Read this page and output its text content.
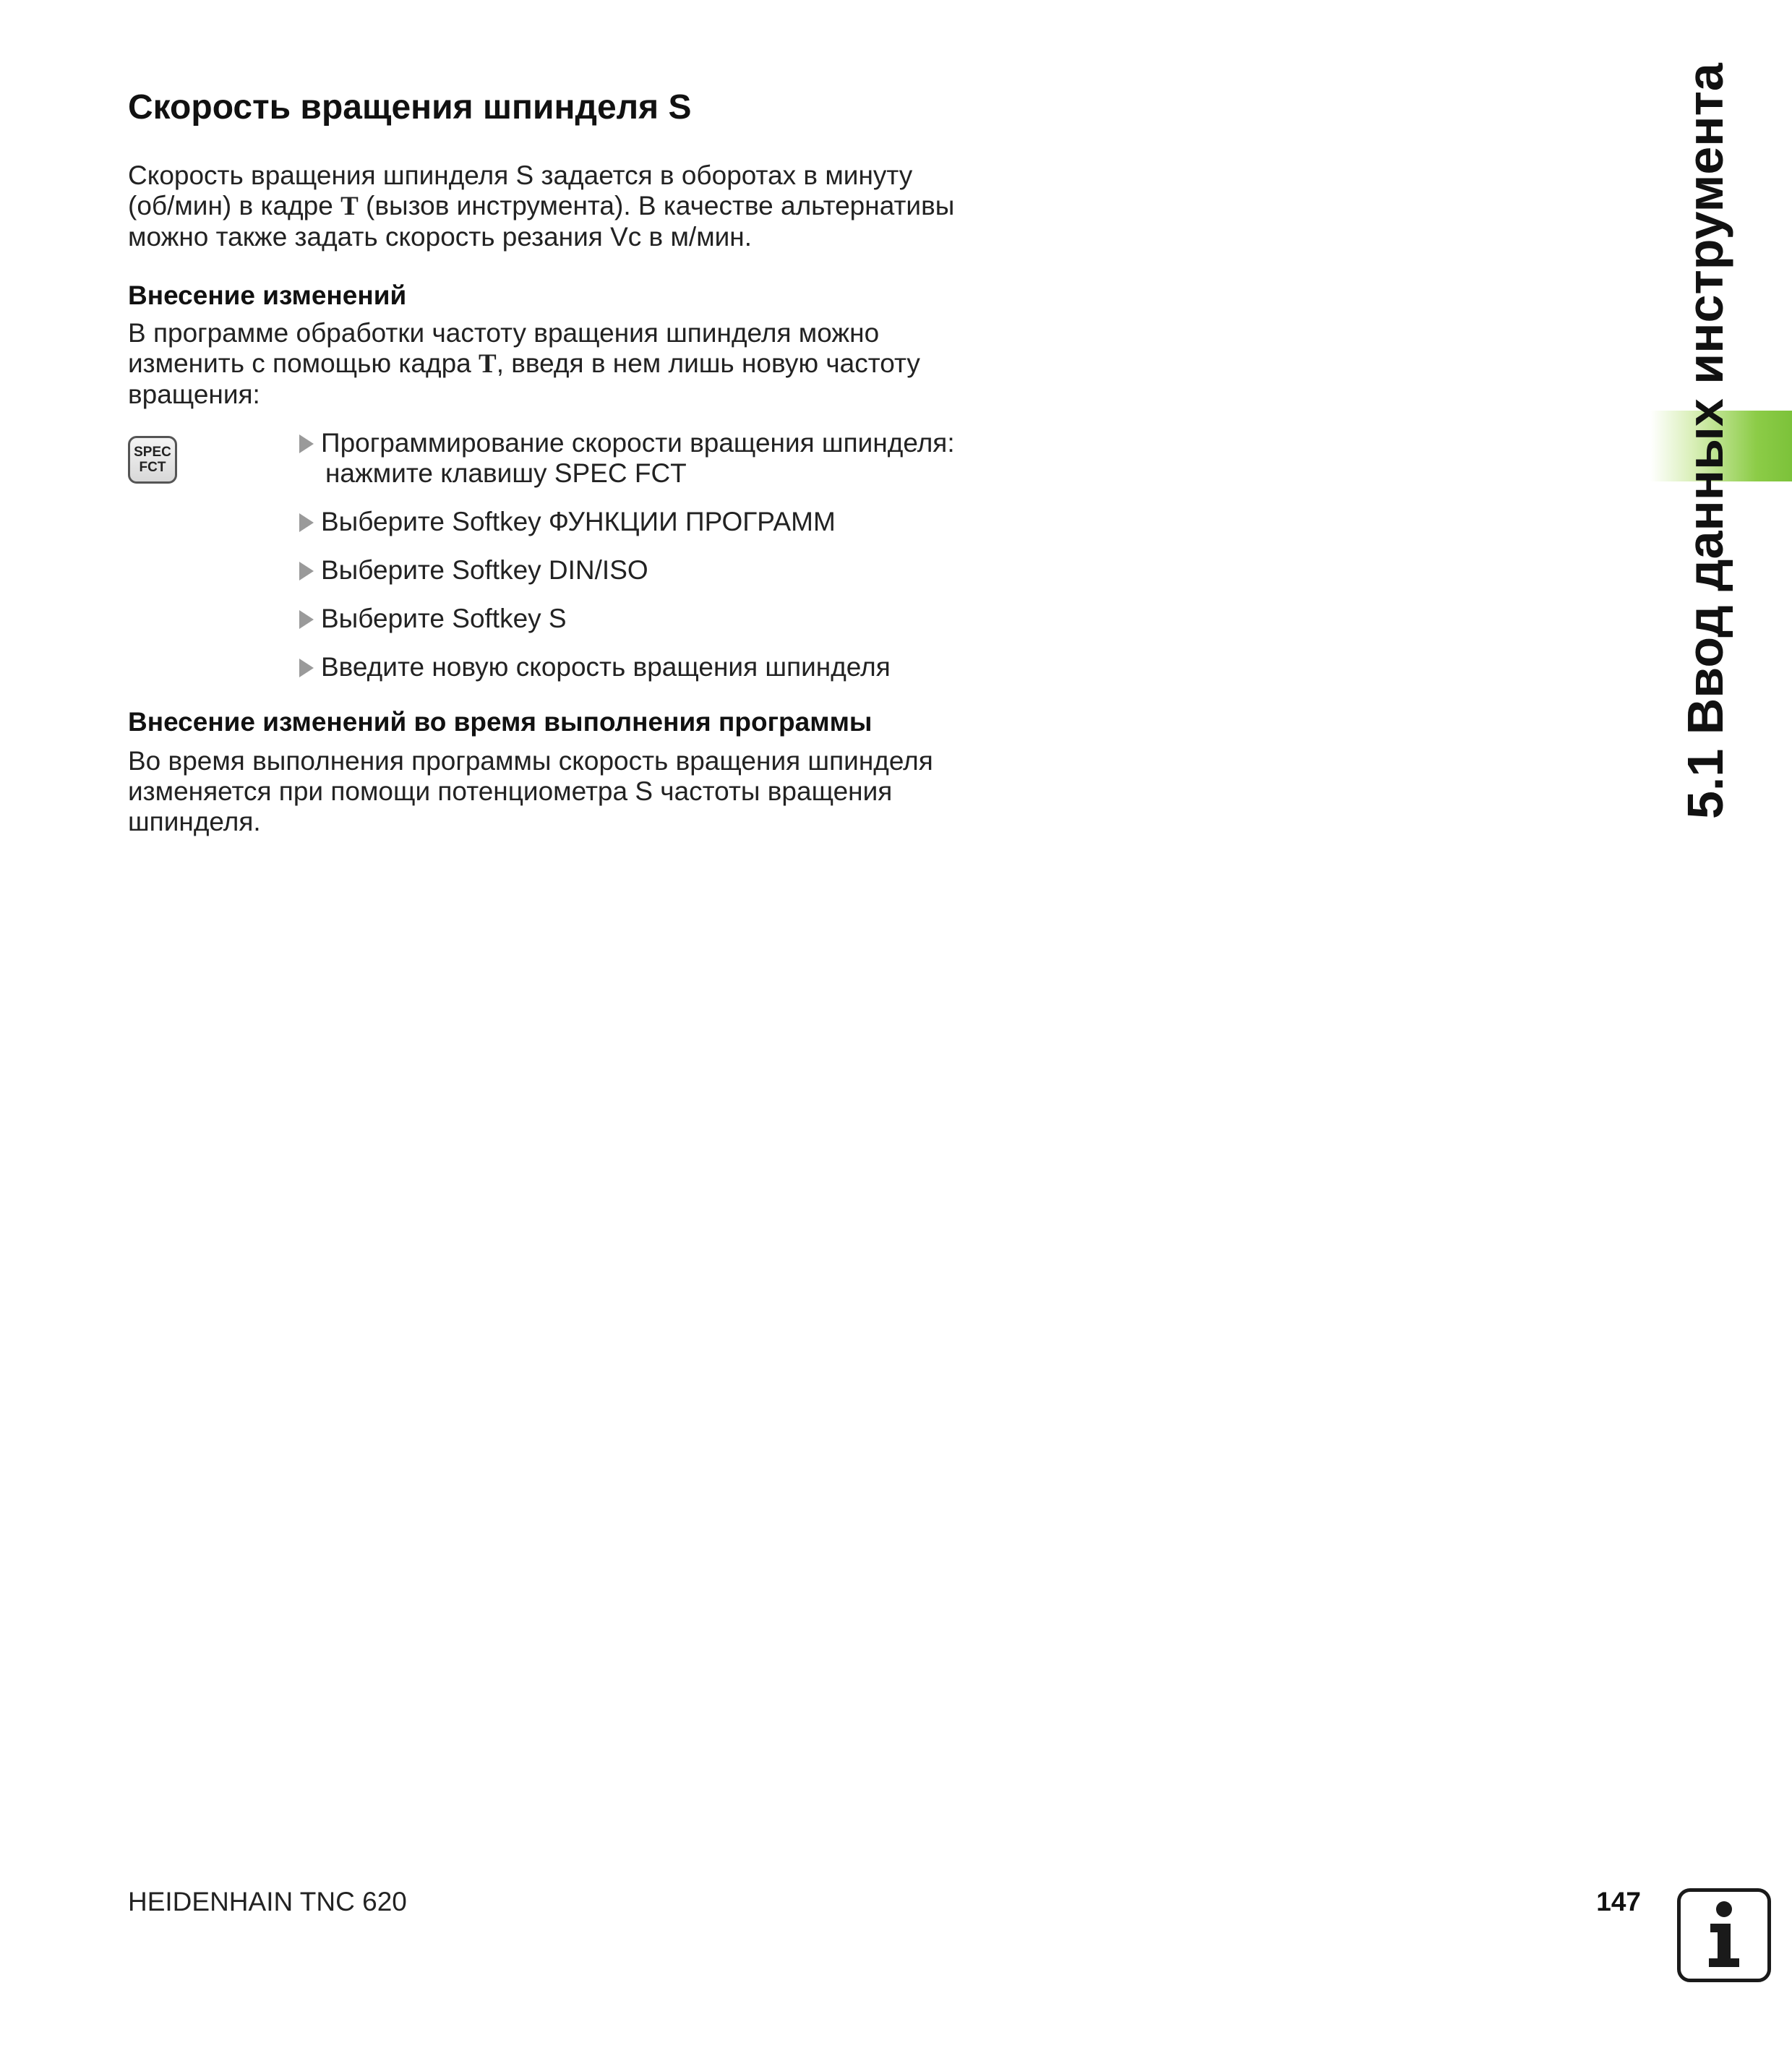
Скорость вращения шпинделя S

Скорость вращения шпинделя S задается в оборотах в минуту
(об/мин) в кадре T (вызов инструмента). В качестве альтернативы
можно также задать скорость резания Vc в м/мин.

Внесение изменений

В программе обработки частоту вращения шпинделя можно
изменить с помощью кадра T, введя в нем лишь новую частоту
вращения:

SPEC
FCT
Программирование скорости вращения шпинделя:
нажмите клавишу SPEC FCT
Выберите Softkey ФУНКЦИИ ПРОГРАММ
Выберите Softkey DIN/ISO
Выберите Softkey S
Введите новую скорость вращения шпинделя
Внесение изменений во время выполнения программы

Во время выполнения программы скорость вращения шпинделя
изменяется при помощи потенциометра S частоты вращения
шпинделя.

5.1 Ввод данных инструмента
HEIDENHAIN TNC 620	147
